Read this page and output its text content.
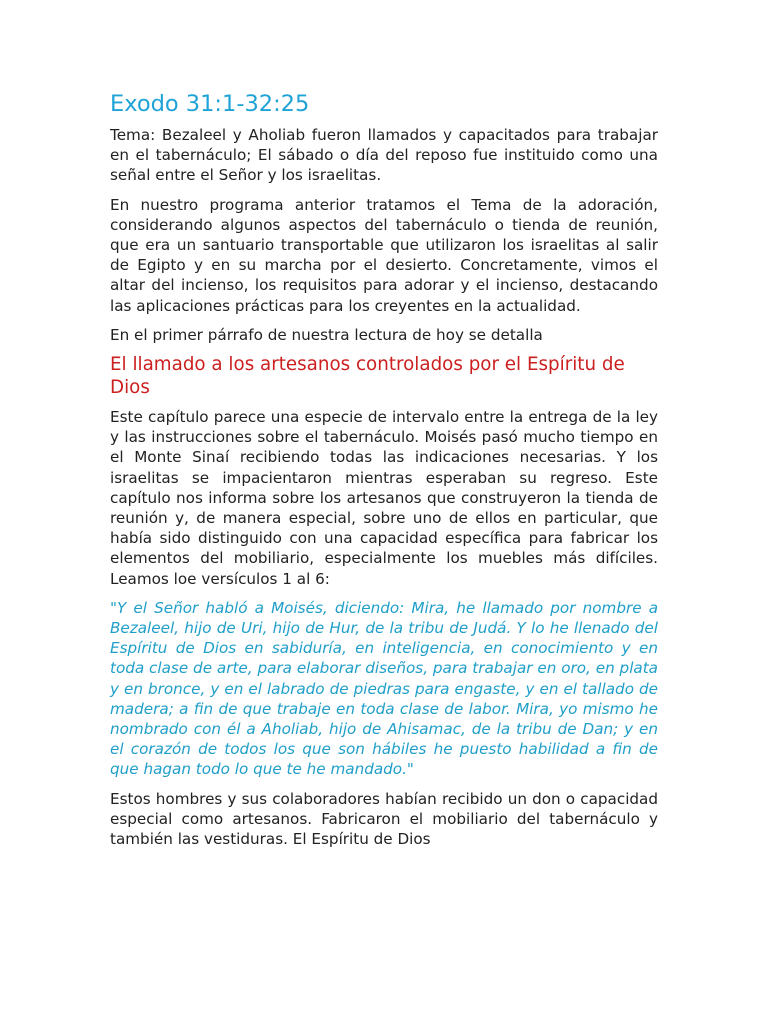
Exodo 31:1-32:25

Tema: Bezaleel y Aholiab fueron llamados y capacitados para trabajar en el tabernáculo; El sábado o día del reposo fue instituido como una señal entre el Señor y los israelitas.

En nuestro programa anterior tratamos el Tema de la adoración, considerando algunos aspectos del tabernáculo o tienda de reunión, que era un santuario transportable que utilizaron los israelitas al salir de Egipto y en su marcha por el desierto. Concretamente, vimos el altar del incienso, los requisitos para adorar y el incienso, destacando las aplicaciones prácticas para los creyentes en la actualidad.

En el primer párrafo de nuestra lectura de hoy se detalla

El llamado a los artesanos controlados por el Espíritu de Dios

Este capítulo parece una especie de intervalo entre la entrega de la ley y las instrucciones sobre el tabernáculo. Moisés pasó mucho tiempo en el Monte Sinaí recibiendo todas las indicaciones necesarias. Y los israelitas se impacientaron mientras esperaban su regreso. Este capítulo nos informa sobre los artesanos que construyeron la tienda de reunión y, de manera especial, sobre uno de ellos en particular, que había sido distinguido con una capacidad específica para fabricar los elementos del mobiliario, especialmente los muebles más difíciles. Leamos loe versículos 1 al 6:

"Y el Señor habló a Moisés, diciendo: Mira, he llamado por nombre a Bezaleel, hijo de Uri, hijo de Hur, de la tribu de Judá. Y lo he llenado del Espíritu de Dios en sabiduría, en inteligencia, en conocimiento y en toda clase de arte, para elaborar diseños, para trabajar en oro, en plata y en bronce, y en el labrado de piedras para engaste, y en el tallado de madera; a fin de que trabaje en toda clase de labor. Mira, yo mismo he nombrado con él a Aholiab, hijo de Ahisamac, de la tribu de Dan; y en el corazón de todos los que son hábiles he puesto habilidad a fin de que hagan todo lo que te he mandado."

Estos hombres y sus colaboradores habían recibido un don o capacidad especial como artesanos. Fabricaron el mobiliario del tabernáculo y también las vestiduras. El Espíritu de Dios
